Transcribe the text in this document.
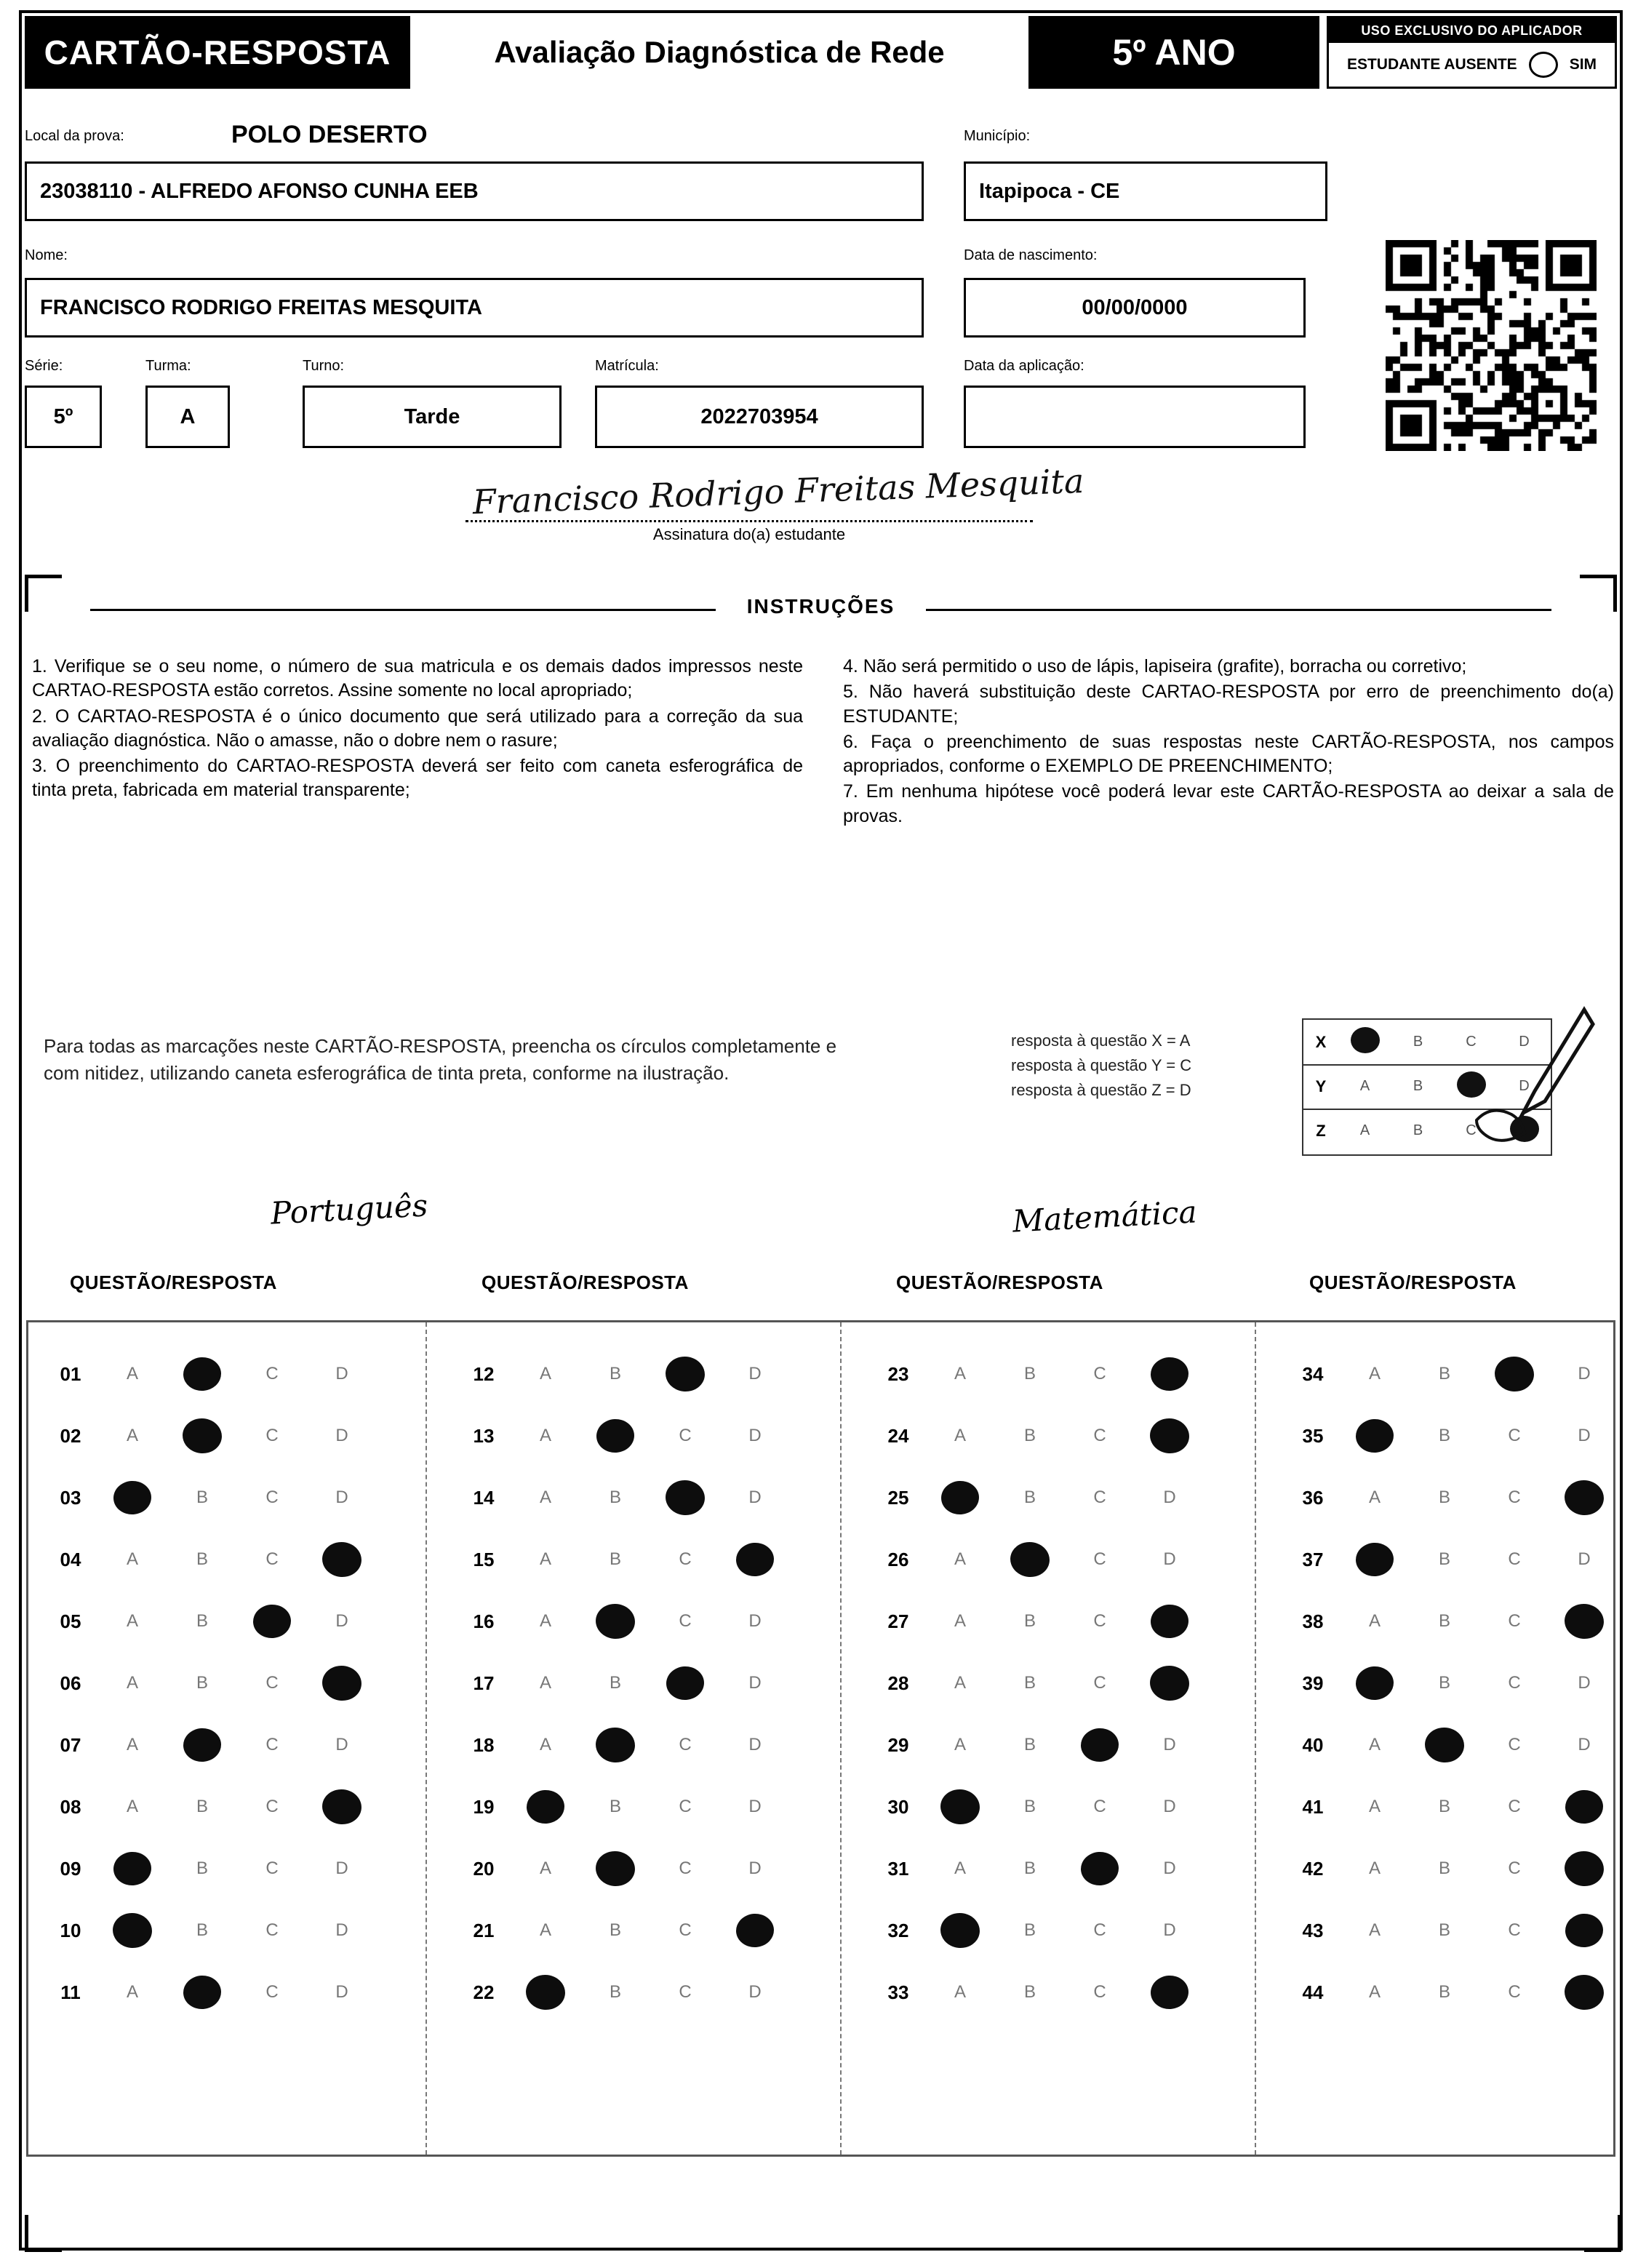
CARTÃO-RESPOSTA	Avaliação Diagnóstica de Rede	5º ANO
USO EXCLUSIVO DO APLICADOR
ESTUDANTE AUSENTE	SIM
Local da prova:	POLO DESERTO
23038110 - ALFREDO AFONSO CUNHA EEB
Município:
Itapipoca - CE
Nome:
FRANCISCO RODRIGO FREITAS MESQUITA
Data de nascimento:
00/00/0000
Série:
5º
Turma:
A
Turno:
Tarde
Matrícula:
2022703954
Data da aplicação:
Francisco Rodrigo Freitas Mesquita
Assinatura do(a) estudante
INSTRUÇÕES

1. Verifique se o seu nome, o número de sua matricula e os demais dados impressos neste CARTAO-RESPOSTA estão corretos. Assine somente no local apropriado;

2. O CARTAO-RESPOSTA é o único documento que será utilizado para a correção da sua avaliação diagnóstica. Não o amasse, não o dobre nem o rasure;

3. O preenchimento do CARTAO-RESPOSTA deverá ser feito com caneta esferográfica de tinta preta, fabricada em material transparente;

4. Não será permitido o uso de lápis, lapiseira (grafite), borracha ou corretivo;

5. Não haverá substituição deste CARTAO-RESPOSTA por erro de preenchimento do(a) ESTUDANTE;

6. Faça o preenchimento de suas respostas neste CARTÃO-RESPOSTA, nos campos apropriados, conforme o EXEMPLO DE PREENCHIMENTO;

7. Em nenhuma hipótese você poderá levar este CARTÃO-RESPOSTA ao deixar a sala de provas.

Para todas as marcações neste CARTÃO-RESPOSTA, preencha os círculos completamente e com nitidez, utilizando caneta esferográfica de tinta preta, conforme na ilustração.
resposta à questão X = A
resposta à questão Y = C
resposta à questão Z = D
X	B	C	D
Y	A	B	D
Z	A	B	C
Português	Matemática
QUESTÃO/RESPOSTA	QUESTÃO/RESPOSTA	QUESTÃO/RESPOSTA	QUESTÃO/RESPOSTA
01	A	C	D
02	A	C	D
03	B	C	D
04	A	B	C
05	A	B	D
06	A	B	C
07	A	C	D
08	A	B	C
09	B	C	D
10	B	C	D
11	A	C	D
12	A	B	D
13	A	C	D
14	A	B	D
15	A	B	C
16	A	C	D
17	A	B	D
18	A	C	D
19	B	C	D
20	A	C	D
21	A	B	C
22	B	C	D
23	A	B	C
24	A	B	C
25	B	C	D
26	A	C	D
27	A	B	C
28	A	B	C
29	A	B	D
30	B	C	D
31	A	B	D
32	B	C	D
33	A	B	C
34	A	B	D
35	B	C	D
36	A	B	C
37	B	C	D
38	A	B	C
39	B	C	D
40	A	C	D
41	A	B	C
42	A	B	C
43	A	B	C
44	A	B	C
